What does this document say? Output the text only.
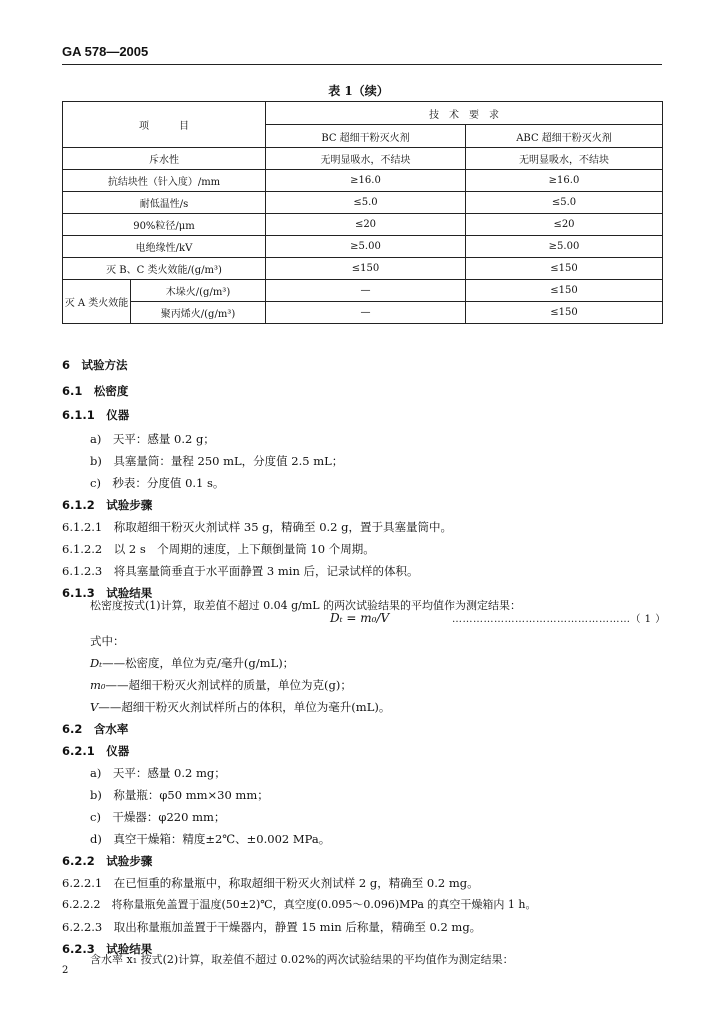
GA 578—2005
表 1（续）
项　　　目		技　术　要　求	
		BC 超细干粉灭火剂	ABC 超细干粉灭火剂
斥水性		无明显吸水，不结块	无明显吸水，不结块
抗结块性（针入度）/mm		≥16.0	≥16.0
耐低温性/s		≤5.0	≤5.0
90%粒径/μm		≤20	≤20
电绝缘性/kV		≥5.00	≥5.00
灭 B、C 类火效能/(g/m³)		≤150	≤150
灭 A 类火效能	木垛火/(g/m³)	—	≤150
	聚丙烯火/(g/m³)	—	≤150
6　试验方法
6.1　松密度
6.1.1　仪器
a)　天平：感量 0.2 g；
b)　具塞量筒：量程 250 mL，分度值 2.5 mL；
c)　秒表：分度值 0.1 s。
6.1.2　试验步骤
6.1.2.1　称取超细干粉灭火剂试样 35 g，精确至 0.2 g，置于具塞量筒中。
6.1.2.2　以 2 s　个周期的速度，上下颠倒量筒 10 个周期。
6.1.2.3　将具塞量筒垂直于水平面静置 3 min 后，记录试样的体积。
6.1.3　试验结果
松密度按式(1)计算，取差值不超过 0.04 g/mL 的两次试验结果的平均值作为测定结果：
Dₜ = m₀/V	……………………………………………（ 1 ）
式中：
Dₜ——松密度，单位为克/毫升(g/mL)；
m₀——超细干粉灭火剂试样的质量，单位为克(g)；
V——超细干粉灭火剂试样所占的体积，单位为毫升(mL)。
6.2　含水率
6.2.1　仪器
a)　天平：感量 0.2 mg；
b)　称量瓶：φ50 mm×30 mm；
c)　干燥器：φ220 mm；
d)　真空干燥箱：精度±2℃、±0.002 MPa。
6.2.2　试验步骤
6.2.2.1　在已恒重的称量瓶中，称取超细干粉灭火剂试样 2 g，精确至 0.2 mg。
6.2.2.2　将称量瓶免盖置于温度(50±2)℃，真空度(0.095～0.096)MPa 的真空干燥箱内 1 h。
6.2.2.3　取出称量瓶加盖置于干燥器内，静置 15 min 后称量，精确至 0.2 mg。
6.2.3　试验结果
含水率 x₁ 按式(2)计算，取差值不超过 0.02%的两次试验结果的平均值作为测定结果：
2
